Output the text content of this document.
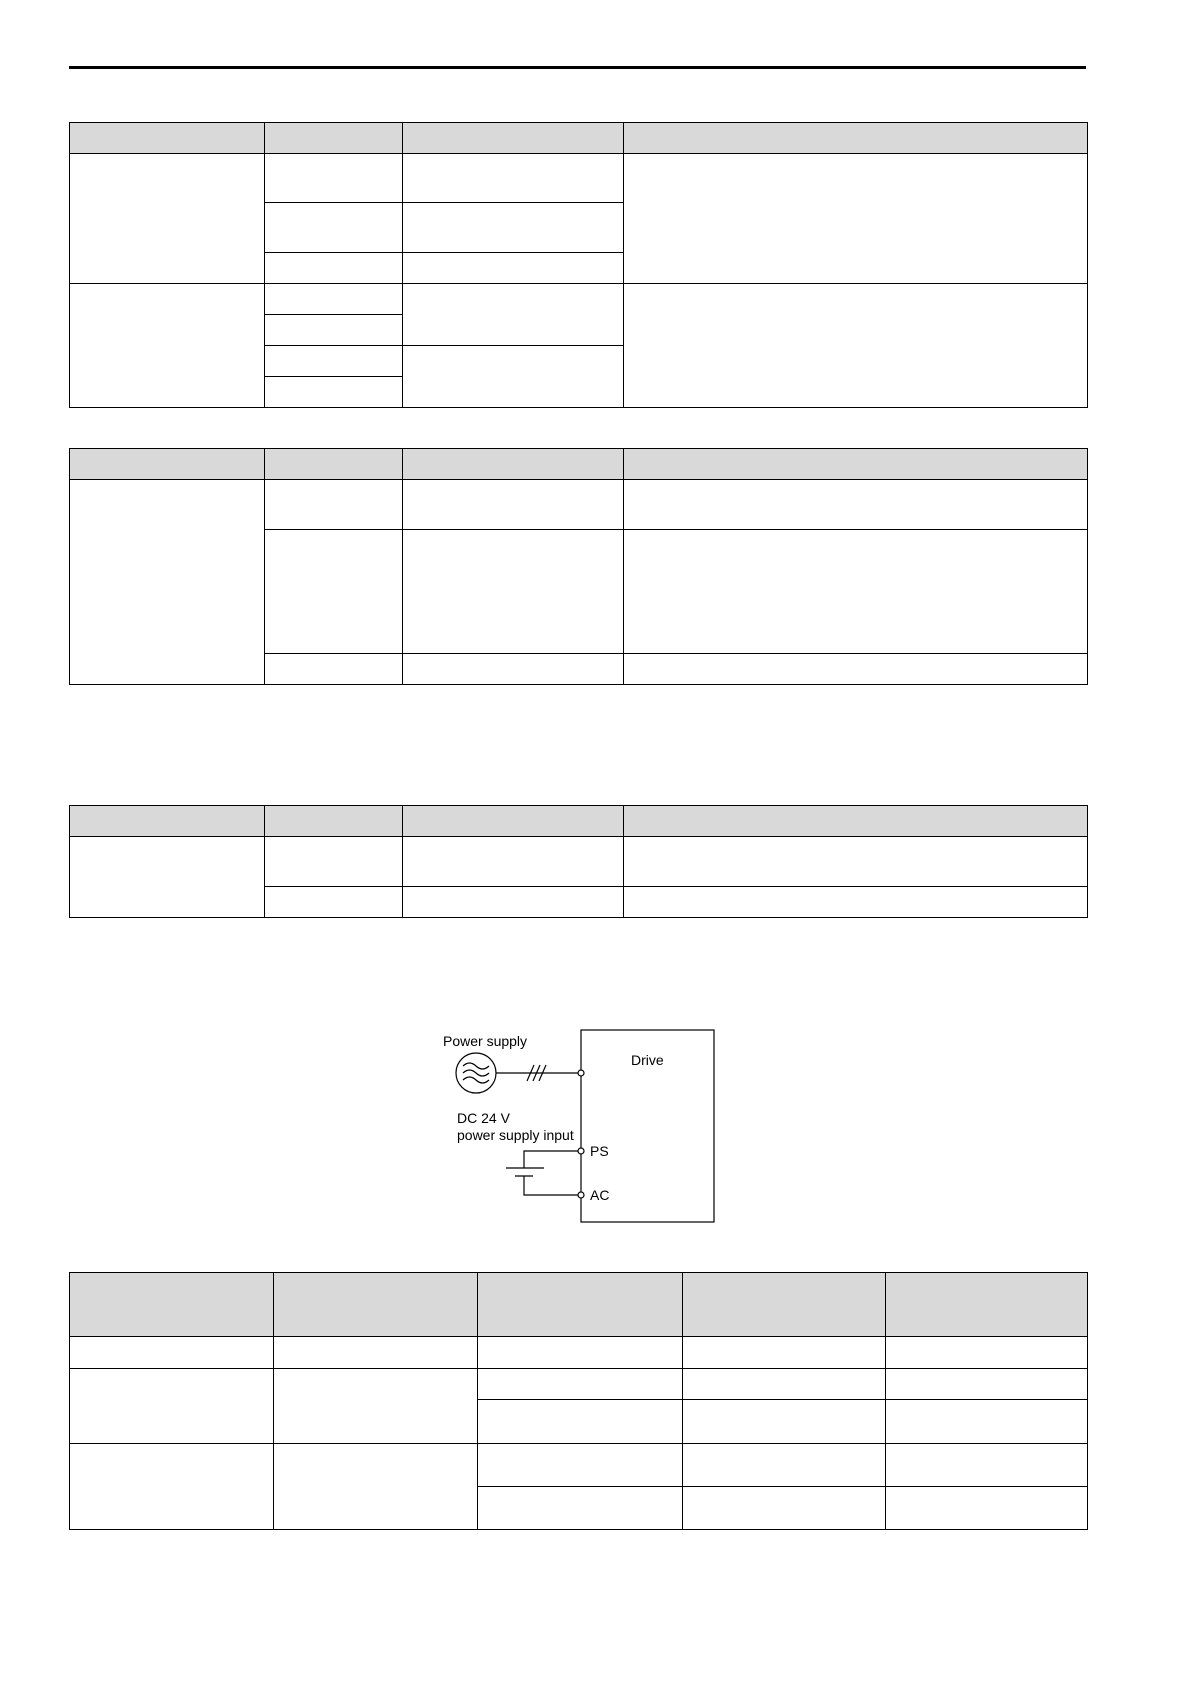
Power supply
Drive
DC 24 V
power supply input
PS
AC
